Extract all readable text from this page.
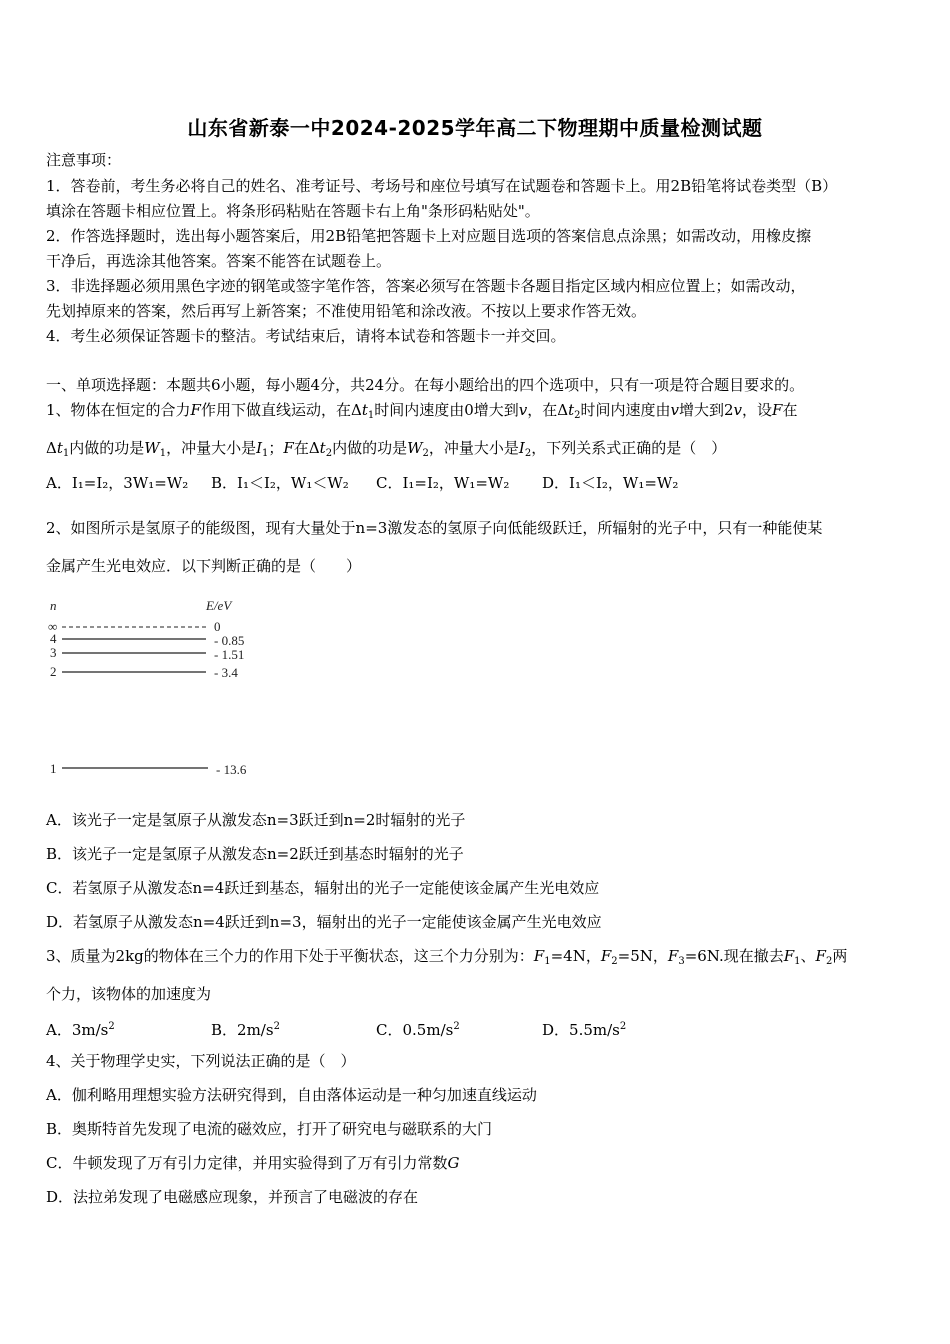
山东省新泰一中2024-2025学年高二下物理期中质量检测试题
注意事项：
1．答卷前，考生务必将自己的姓名、准考证号、考场号和座位号填写在试题卷和答题卡上。用2B铅笔将试卷类型（B）
填涂在答题卡相应位置上。将条形码粘贴在答题卡右上角"条形码粘贴处"。
2．作答选择题时，选出每小题答案后，用2B铅笔把答题卡上对应题目选项的答案信息点涂黑；如需改动，用橡皮擦
干净后，再选涂其他答案。答案不能答在试题卷上。
3．非选择题必须用黑色字迹的钢笔或签字笔作答，答案必须写在答题卡各题目指定区域内相应位置上；如需改动，
先划掉原来的答案，然后再写上新答案；不准使用铅笔和涂改液。不按以上要求作答无效。
4．考生必须保证答题卡的整洁。考试结束后，请将本试卷和答题卡一并交回。
一、单项选择题：本题共6小题，每小题4分，共24分。在每小题给出的四个选项中，只有一项是符合题目要求的。
1、物体在恒定的合力F作用下做直线运动，在$\Delta t_1$时间内速度由0增大到v，在$\Delta t_2$时间内速度由v增大到2v，设F在
$\Delta t_1$内做的功是$W_1$，冲量大小是$I_1$；F在$\Delta t_2$内做的功是$W_2$，冲量大小是$I_2$，下列关系式正确的是（　）
A．I₁=I₂，3W₁=W₂ B．I₁＜I₂，W₁＜W₂ C．I₁=I₂，W₁=W₂ D．I₁＜I₂，W₁=W₂
2、如图所示是氢原子的能级图，现有大量处于n=3激发态的氢原子向低能级跃迁，所辐射的光子中，只有一种能使某
金属产生光电效应．以下判断正确的是（　　）
n	E/eV
∞	0
4	- 0.85
3	- 1.51
2	- 3.4
1	- 13.6
A．该光子一定是氢原子从激发态n=3跃迁到n=2时辐射的光子
B．该光子一定是氢原子从激发态n=2跃迁到基态时辐射的光子
C．若氢原子从激发态n=4跃迁到基态，辐射出的光子一定能使该金属产生光电效应
D．若氢原子从激发态n=4跃迁到n=3，辐射出的光子一定能使该金属产生光电效应
3、质量为2kg的物体在三个力的作用下处于平衡状态，这三个力分别为：$F_1=4N$，$F_2=5N$，$F_3=6N$.现在撤去$F_1$、$F_2$两
个力，该物体的加速度为
A．$3m/s^2$	B．$2m/s^2$	C．$0.5m/s^2$	D．$5.5m/s^2$
4、关于物理学史实，下列说法正确的是（　）
A．伽利略用理想实验方法研究得到，自由落体运动是一种匀加速直线运动
B．奥斯特首先发现了电流的磁效应，打开了研究电与磁联系的大门
C．牛顿发现了万有引力定律，并用实验得到了万有引力常数G
D．法拉弟发现了电磁感应现象，并预言了电磁波的存在
